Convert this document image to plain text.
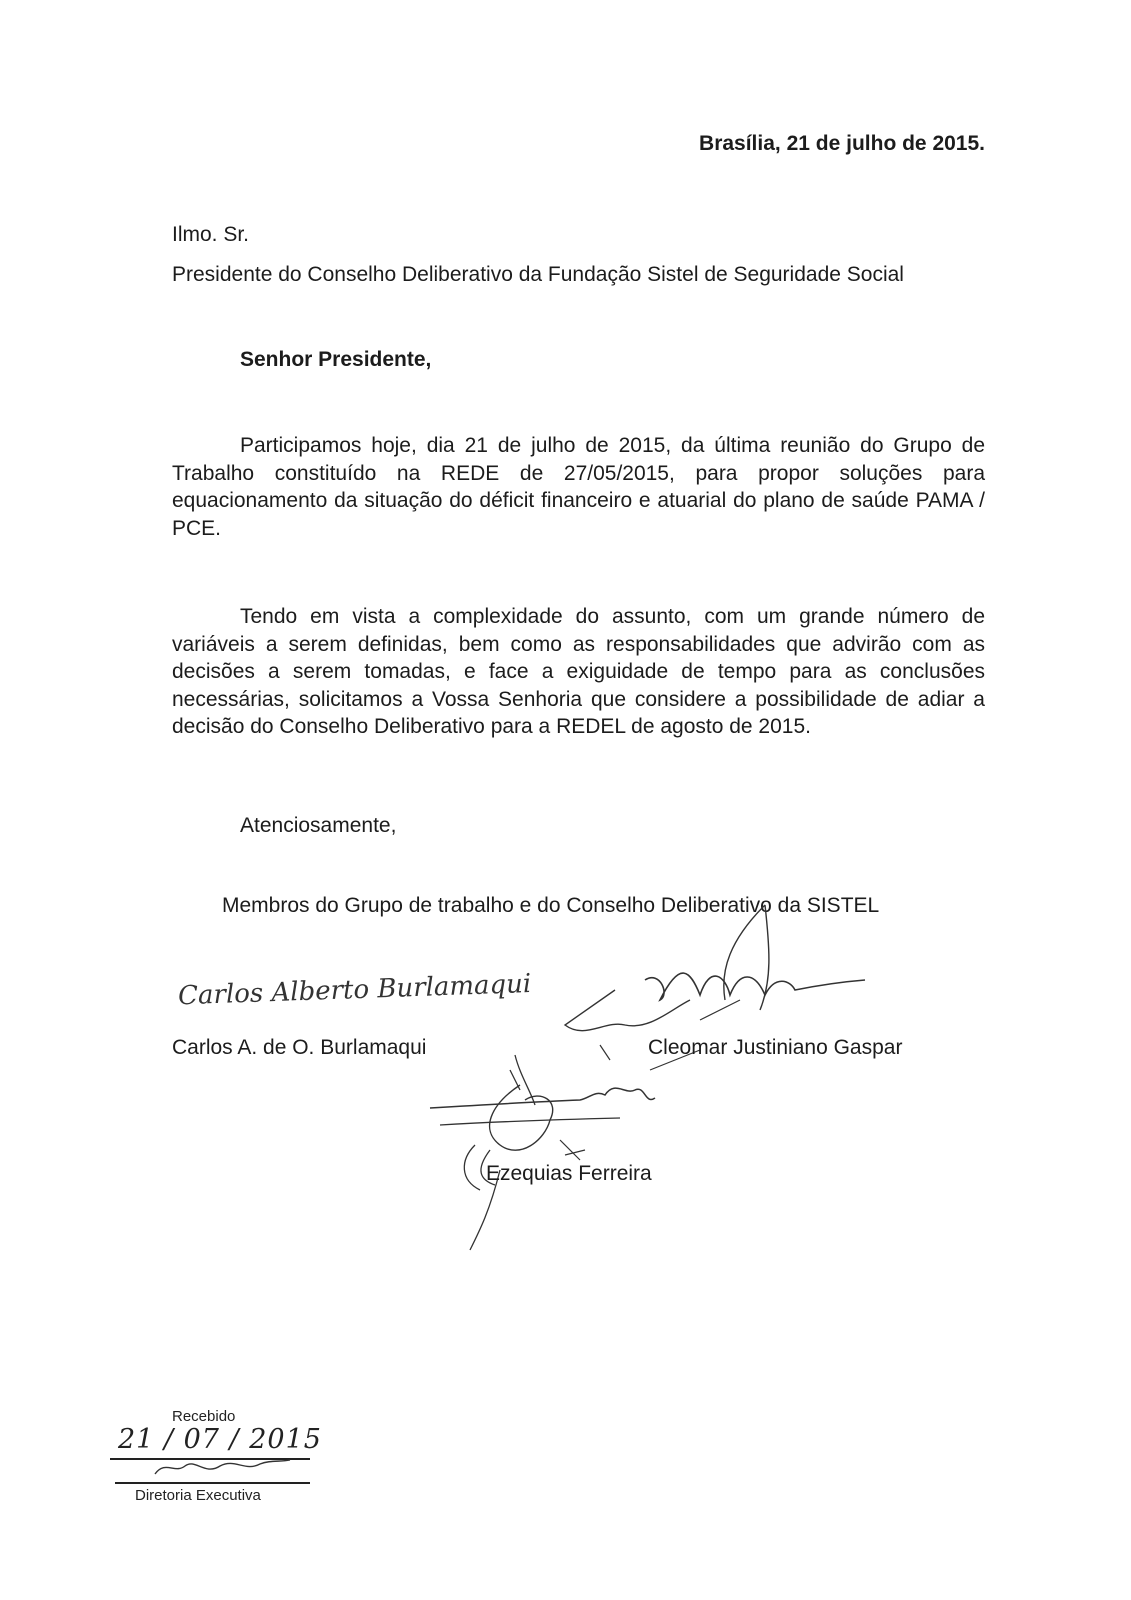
Brasília, 21 de julho de 2015.
Ilmo. Sr.
Presidente do Conselho Deliberativo da Fundação Sistel de Seguridade Social
Senhor Presidente,

Participamos hoje, dia 21 de julho de 2015, da última reunião do Grupo de Trabalho constituído na REDE de 27/05/2015, para propor soluções para equacionamento da situação do déficit financeiro e atuarial do plano de saúde PAMA / PCE.

Tendo em vista a complexidade do assunto, com um grande número de variáveis a serem definidas, bem como as responsabilidades que advirão com as decisões a serem tomadas, e face a exiguidade de tempo para as conclusões necessárias, solicitamos a Vossa Senhoria que considere a possibilidade de adiar a decisão do Conselho Deliberativo para a REDEL de agosto de 2015.

Atenciosamente,
Membros do Grupo de trabalho e do Conselho Deliberativo da SISTEL
Carlos Alberto Burlamaqui
Carlos A. de O. Burlamaqui	Cleomar Justiniano Gaspar
Ezequias Ferreira
Recebido
21 / 07 / 2015
Diretoria Executiva
